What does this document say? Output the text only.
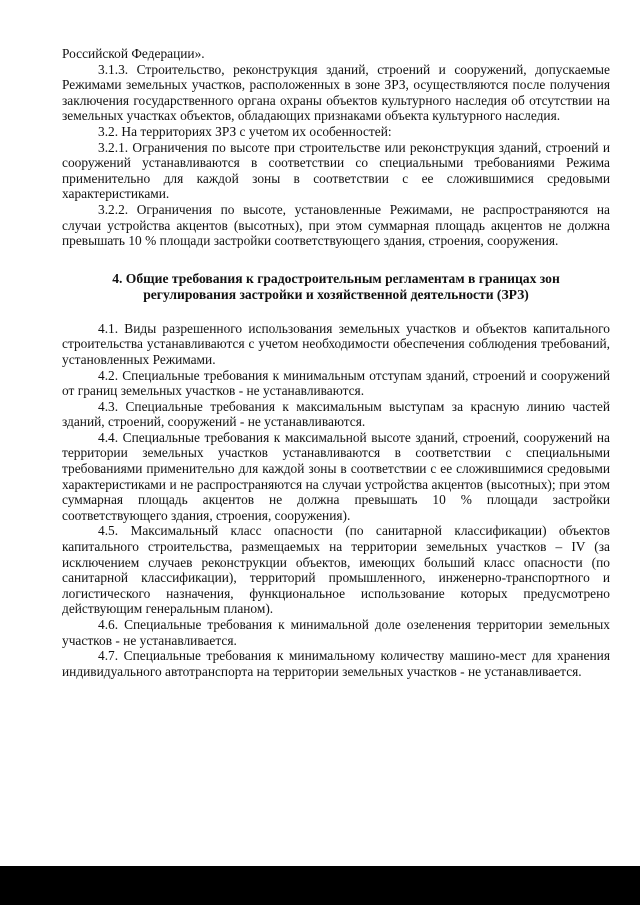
Российской Федерации».

3.1.3. Строительство, реконструкция зданий, строений и сооружений, допускаемые Режимами земельных участков, расположенных в зоне ЗРЗ, осуществляются после получения заключения государственного органа охраны объектов культурного наследия об отсутствии на земельных участках объектов, обладающих признаками объекта культурного наследия.

3.2. На территориях ЗРЗ с учетом их особенностей:

3.2.1. Ограничения по высоте при строительстве или реконструкция зданий, строений и сооружений устанавливаются в соответствии со специальными требованиями Режима применительно для каждой зоны в соответствии с ее сложившимися средовыми характеристиками.

3.2.2. Ограничения по высоте, установленные Режимами, не распространяются на случаи устройства акцентов (высотных), при этом суммарная площадь акцентов не должна превышать 10 % площади застройки соответствующего здания, строения, сооружения.

4. Общие требования к градостроительным регламентам в границах зон регулирования застройки и хозяйственной деятельности (ЗРЗ)

4.1. Виды разрешенного использования земельных участков и объектов капитального строительства устанавливаются с учетом необходимости обеспечения соблюдения требований, установленных Режимами.

4.2. Специальные требования к минимальным отступам зданий, строений и сооружений от границ земельных участков - не устанавливаются.

4.3. Специальные требования к максимальным выступам за красную линию частей зданий, строений, сооружений - не устанавливаются.

4.4. Специальные требования к максимальной высоте зданий, строений, сооружений на территории земельных участков устанавливаются в соответствии с специальными требованиями применительно для каждой зоны в соответствии с ее сложившимися средовыми характеристиками и не распространяются на случаи устройства акцентов (высотных); при этом суммарная площадь акцентов не должна превышать 10 % площади застройки соответствующего здания, строения, сооружения).

4.5. Максимальный класс опасности (по санитарной классификации) объектов капитального строительства, размещаемых на территории земельных участков – IV (за исключением случаев реконструкции объектов, имеющих больший класс опасности (по санитарной классификации), территорий промышленного, инженерно-транспортного и логистического назначения, функциональное использование которых предусмотрено действующим генеральным планом).

4.6. Специальные требования к минимальной доле озеленения территории земельных участков - не устанавливается.

4.7. Специальные требования к минимальному количеству машино-мест для хранения индивидуального автотранспорта на территории земельных участков - не устанавливается.
